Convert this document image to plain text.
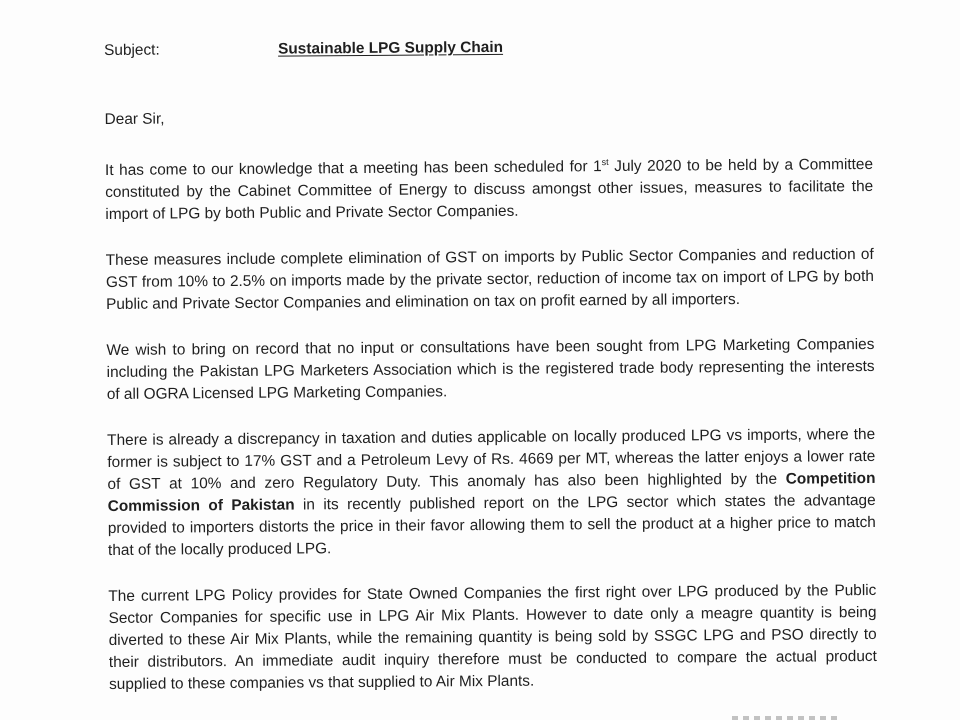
Subject:	Sustainable LPG Supply Chain
Dear Sir,

It has come to our knowledge that a meeting has been scheduled for 1st July 2020 to be held by a Committee constituted by the Cabinet Committee of Energy to discuss amongst other issues, measures to facilitate the import of LPG by both Public and Private Sector Companies.

These measures include complete elimination of GST on imports by Public Sector Companies and reduction of GST from 10% to 2.5% on imports made by the private sector, reduction of income tax on import of LPG by both Public and Private Sector Companies and elimination on tax on profit earned by all importers.

We wish to bring on record that no input or consultations have been sought from LPG Marketing Companies including the Pakistan LPG Marketers Association which is the registered trade body representing the interests of all OGRA Licensed LPG Marketing Companies.

There is already a discrepancy in taxation and duties applicable on locally produced LPG vs imports, where the former is subject to 17% GST and a Petroleum Levy of Rs. 4669 per MT, whereas the latter enjoys a lower rate of GST at 10% and zero Regulatory Duty. This anomaly has also been highlighted by the Competition Commission of Pakistan in its recently published report on the LPG sector which states the advantage provided to importers distorts the price in their favor allowing them to sell the product at a higher price to match that of the locally produced LPG.

The current LPG Policy provides for State Owned Companies the first right over LPG produced by the Public Sector Companies for specific use in LPG Air Mix Plants. However to date only a meagre quantity is being diverted to these Air Mix Plants, while the remaining quantity is being sold by SSGC LPG and PSO directly to their distributors. An immediate audit inquiry therefore must be conducted to compare the actual product supplied to these companies vs that supplied to Air Mix Plants.
